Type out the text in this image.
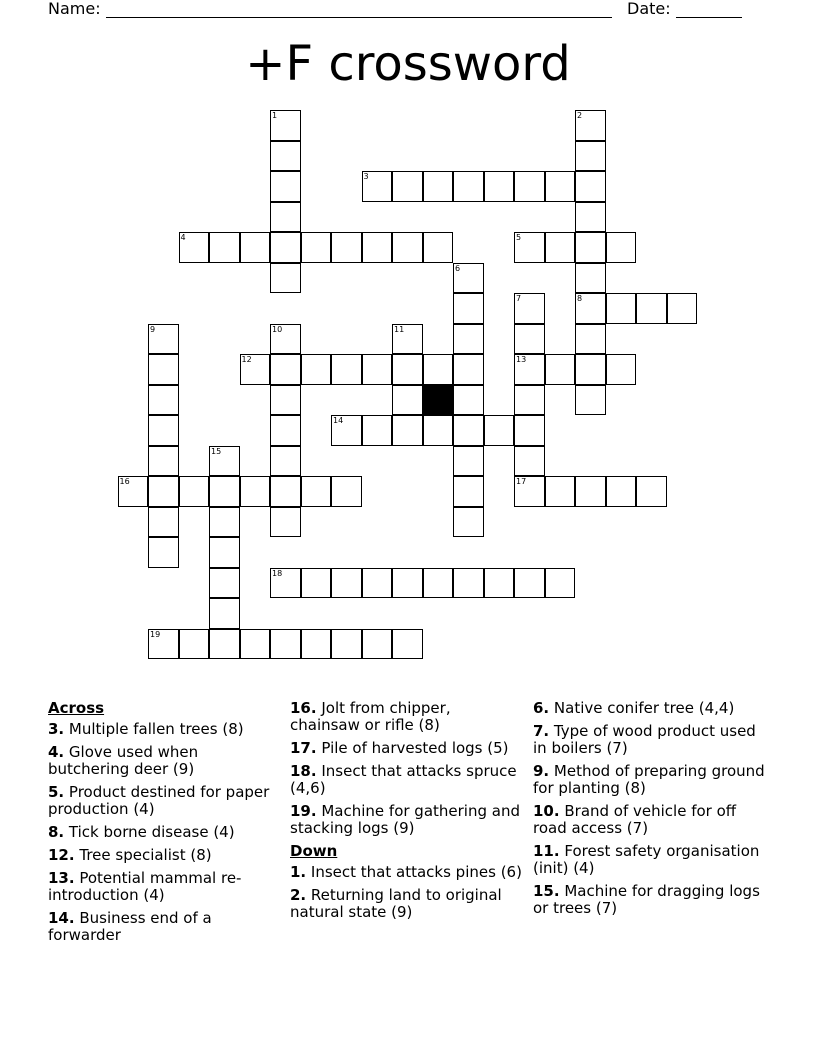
Name:	Date:
+F crossword
1	2
8
3
4	5
6
7
13
17
9	10	11
12
14
15
16
18
19
Across
3. Multiple fallen trees (8)
4. Glove used when butchering deer (9)
5. Product destined for paper production (4)
8. Tick borne disease (4)
12. Tree specialist (8)
13. Potential mammal re-introduction (4)
14. Business end of a forwarder
16. Jolt from chipper, chainsaw or rifle (8)
17. Pile of harvested logs (5)
18. Insect that attacks spruce (4,6)
19. Machine for gathering and stacking logs (9)
Down
1. Insect that attacks pines (6)
2. Returning land to original natural state (9)
6. Native conifer tree (4,4)
7. Type of wood product used in boilers (7)
9. Method of preparing ground for planting (8)
10. Brand of vehicle for off road access (7)
11. Forest safety organisation (init) (4)
15. Machine for dragging logs or trees (7)
